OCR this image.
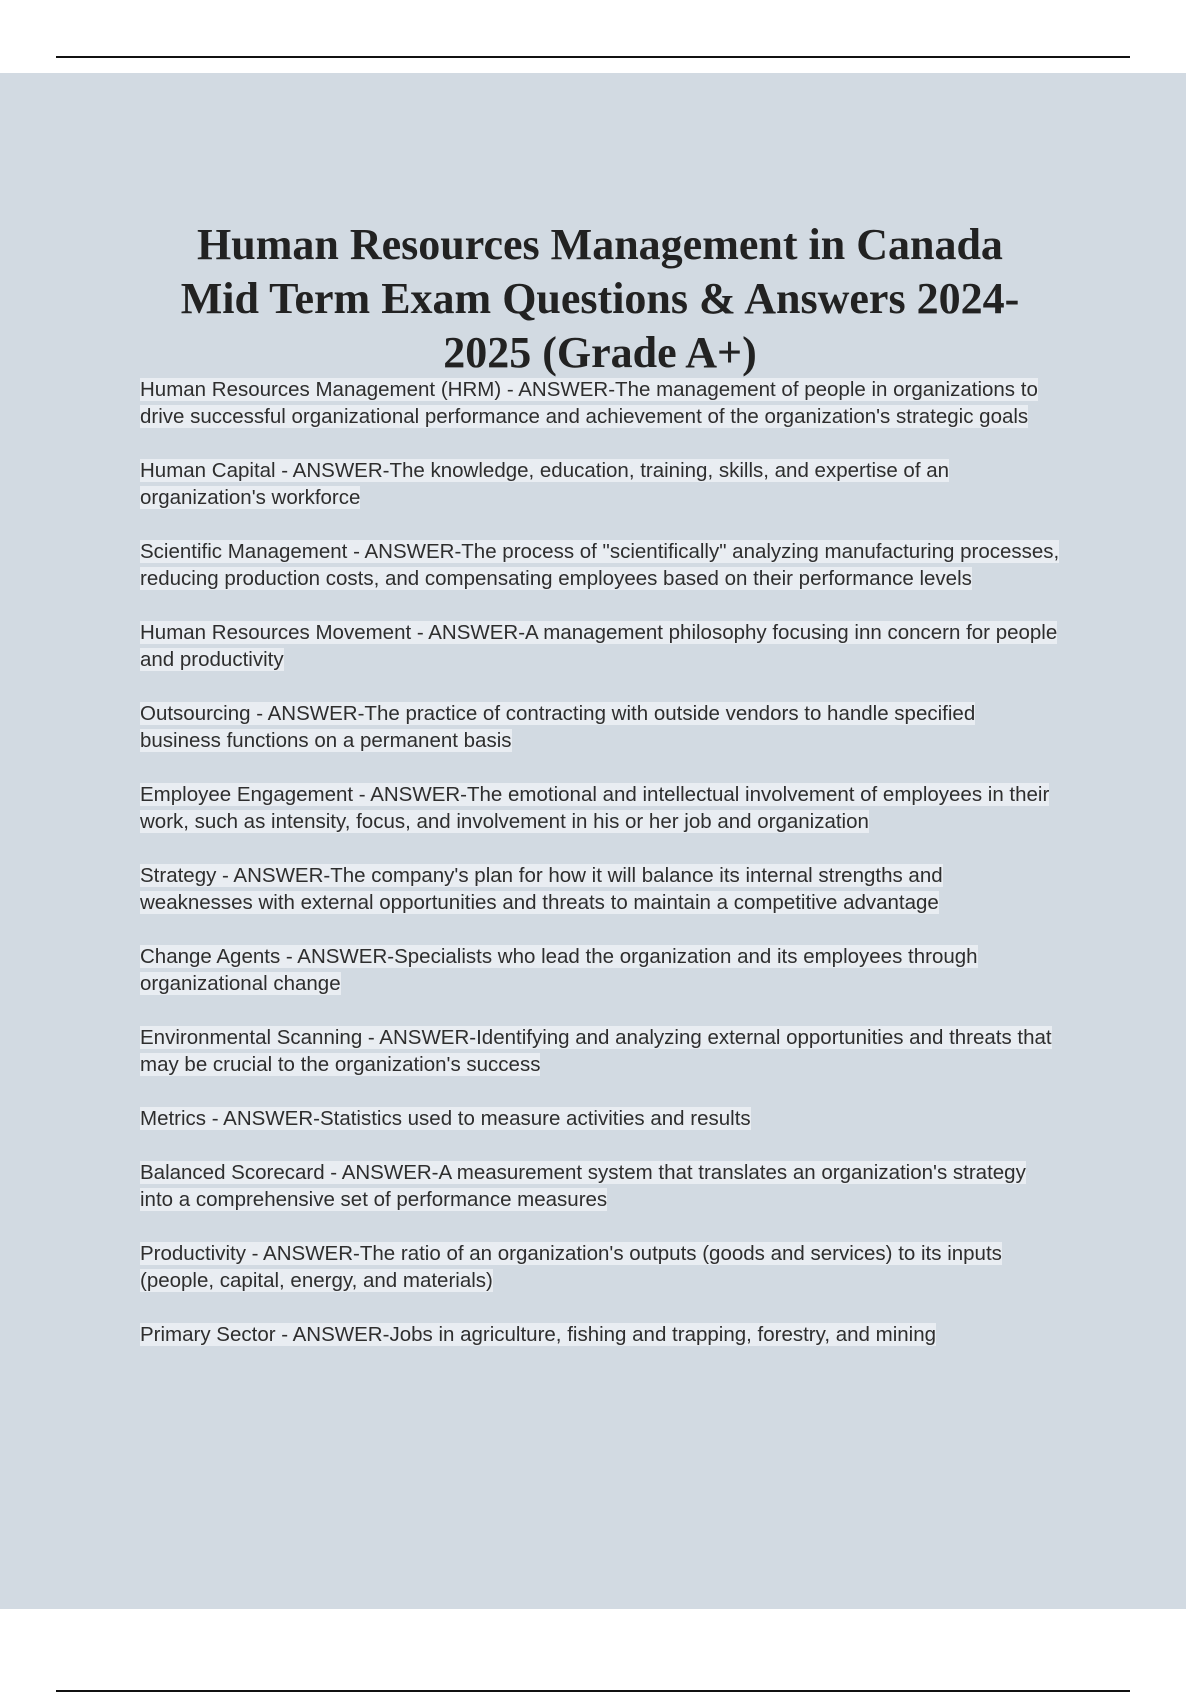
Human Resources Management in Canada
Mid Term Exam Questions & Answers 2024-
2025 (Grade A+)

Human Resources Management (HRM) - ANSWER-The management of people in organizations to drive successful organizational performance and achievement of the organization's strategic goals

Human Capital - ANSWER-The knowledge, education, training, skills, and expertise of an organization's workforce

Scientific Management - ANSWER-The process of "scientifically" analyzing manufacturing processes, reducing production costs, and compensating employees based on their performance levels

Human Resources Movement - ANSWER-A management philosophy focusing inn concern for people and productivity

Outsourcing - ANSWER-The practice of contracting with outside vendors to handle specified business functions on a permanent basis

Employee Engagement - ANSWER-The emotional and intellectual involvement of employees in their work, such as intensity, focus, and involvement in his or her job and organization

Strategy - ANSWER-The company's plan for how it will balance its internal strengths and weaknesses with external opportunities and threats to maintain a competitive advantage

Change Agents - ANSWER-Specialists who lead the organization and its employees through organizational change

Environmental Scanning - ANSWER-Identifying and analyzing external opportunities and threats that may be crucial to the organization's success

Metrics - ANSWER-Statistics used to measure activities and results

Balanced Scorecard - ANSWER-A measurement system that translates an organization's strategy into a comprehensive set of performance measures

Productivity - ANSWER-The ratio of an organization's outputs (goods and services) to its inputs (people, capital, energy, and materials)

Primary Sector - ANSWER-Jobs in agriculture, fishing and trapping, forestry, and mining
